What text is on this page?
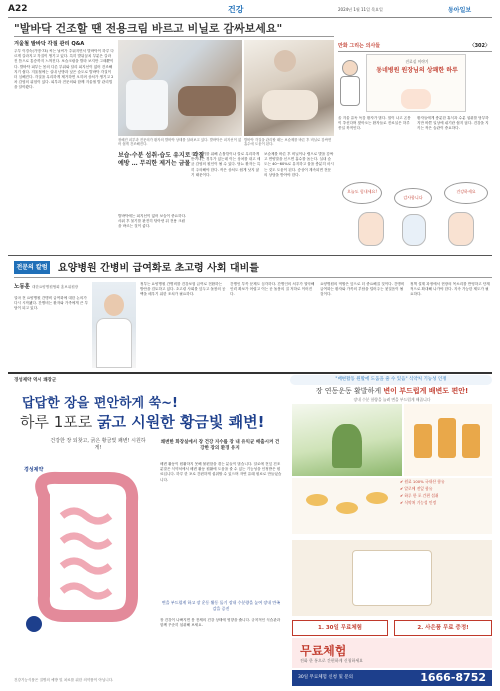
A22	건강	2024년 1월 11일 목요일	동아일보
"발바닥 건조할 땐 전용크림 바르고 비닐로 감싸보세요"
겨울철 발바닥 각질 관리 Q&A
주부 이경숙(가명·73) 씨는 날씨가 추워지면서 발바닥이 하루 다르게 갈라지고 각질이 생기고 있다. 특히 발뒤꿈치 부분은 갈라진 틈으로 통증까지 느껴진다. 보습크림을 발라 보지만 그때뿐이다. 발바닥 피부는 몸의 다른 부위와 달리 피지선이 없어 건조해지기 쉽다. 겨울철에는 실내 난방과 낮은 습도로 발바닥 각질이 더 심해진다. 각질을 무리하게 제거하면 오히려 상처가 생기고 2차 감염의 위험이 있다. 피부과 전문의와 함께 겨울철 발 관리법을 알아봤다.
장혜진 피부과 전문의가 환자의 발바닥 상태를 살펴보고 있다. 발바닥은 피지선이 없어 쉽게 건조해진다.
발바닥 각질을 관리할 때는 보습제를 바른 후 비닐로 감싸면 흡수에 도움이 된다.
보습·수분 섭취·습도 유지로 각질 예방 … 무리한 제거는 금물
발바닥에는 피지선이 없어 보습이 중요하다. 샤워 후 물기를 완전히 닦아낸 뒤 전용 크림을 바르는 것이 좋다.
각질 제거를 위해 손톱깎이나 칼로 무리하게 뜯어내는 경우가 있는데 이는 상처를 내고 세균 감염의 원인이 될 수 있다. 당뇨 환자는 특히 주의해야 한다. 작은 상처도 쉽게 낫지 않기 때문이다.
보습제를 바른 후 비닐이나 랩으로 발을 감싸고 면양말을 신으면 흡수를 돕는다. 실내 습도는 40~60%로 유지하고 물을 충분히 마시는 것도 도움이 된다. 증상이 계속되면 전문의 상담을 받아야 한다.
만화 그리는 의사들	〈302〉
진료실 이야기
동네병원 원장님의 상쾌한 하루
올 겨울 유독 독감 환자가 많다. 열이 나고 온몸이 쑤신다며 찾아오는 환자들로 진료실은 하루 종일 북적인다.
환자들에게 충분한 휴식과 수분 섭취를 당부하지만 바쁜 일상에 쉬기란 쉽지 않다. 건강을 지키는 작은 습관이 중요하다.
오늘도 힘내세요!
감사합니다
건강하세요
전문의 칼럼 요양병원 간병비 급여화로 초고령 사회 대비를
노동훈 대한요양병원협회 홍보위원장
얼마 전 요양병원 간병비 급여화에 대한 논의가 다시 시작됐다. 간병비는 환자와 가족에게 큰 부담이 되고 있다.
정부는 요양병원 간병비를 건강보험 급여로 전환하는 방안을 검토하고 있다. 초고령 사회를 앞두고 돌봄의 공백을 메우기 위한 조치가 필요하다.
간병인 부족 문제도 심각하다. 간병인의 처우가 열악해 인력 확보가 어렵고 이는 곧 돌봄의 질 저하로 이어진다.
요양병원의 역할은 앞으로 더 중요해질 것이다. 간병비 급여화는 환자와 가족의 부담을 덜어주는 첫걸음이 될 것이다.
정책 설계 과정에서 현장의 목소리를 반영하고 단계적으로 확대해 나가야 한다. 지속 가능한 제도가 필요하다.
경성제약 역시 쾌장군	"배변활동 원활에 도움을 줄 수 있음" 식약처 기능성 인정
답답한 장을 편안하게 쑥~!
하루 1포로 굵고 시원한 황금빛 쾌변!
건강한 장 되찾고, 굵은 황금빛 쾌변! 시원하게!
경성제약
쾌변한 화장실에서 장 건강 지수를 장 내 유익균 배출시켜 건강한 장의 환경 유지
배변 활동이 원활하지 못해 불편함을 겪는 분들이 많습니다. 알로에 전잎 건조분말은 식약처에서 배변 활동 원활에 도움을 줄 수 있는 기능성을 인정받은 원료입니다. 하루 한 포로 간편하게 섭취할 수 있으며 자연 유래 원료로 만들었습니다.
변을 부드럽게 하고 장 운동 활동 돕기 장내 수분량을 높여 장내 만족감을 증진
장 건강이 나빠지면 몸 전체의 건강 상태에 영향을 줍니다. 규칙적인 식습관과 함께 꾸준히 섭취해 보세요.
장 연동운동 활발하게 변이 부드럽게 배변도 편안!
장내 수분 함량을 늘려 변을 부드럽게 해줍니다
✔ 원료 100% 국내산 함유
✔ 알로에 전잎 함유
✔ 하루 한 포 간편 섭취
✔ 식약처 기능성 인정
1. 30일 무료체험	2. 사은품 무료 증정!
무료체험
전화 한 통으로 간편하게 신청하세요
30일 무료체험 신청 및 문의	1666-8752
건강기능식품은 질병의 예방 및 치료를 위한 의약품이 아닙니다.
